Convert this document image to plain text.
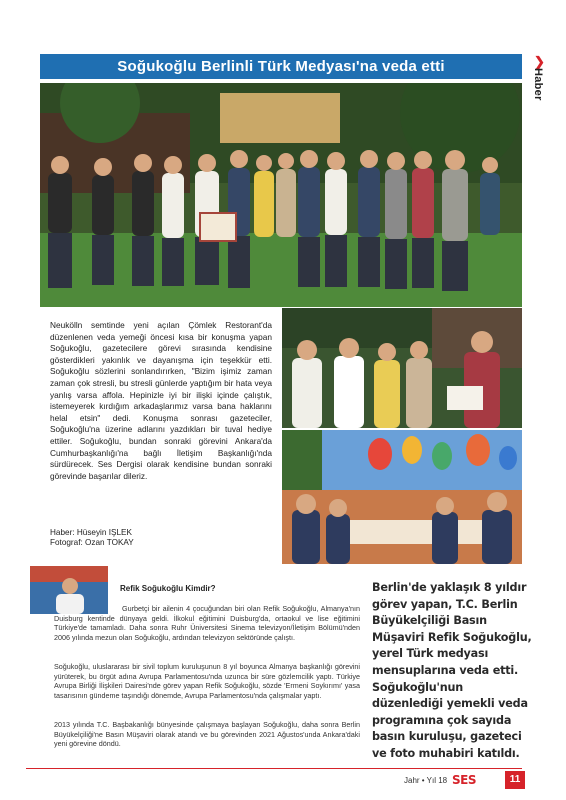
Soğukoğlu Berlinli Türk Medyası'na veda etti	❯
Haber
Neukölln semtinde yeni açılan Çömlek Restorant'da düzenlenen veda yemeği öncesi kısa bir konuşma yapan Soğukoğlu, gazetecilere görevi sırasında kendisine gösterdikleri yakınlık ve dayanışma için teşekkür etti. Soğukoğlu sözlerini sonlandırırken, "Bizim işimiz zaman zaman çok stresli, bu stresli günlerde yaptığım bir hata veya yanlış varsa affola. Hepinizle iyi bir ilişki içinde çalıştık, istemeyerek kırdığım arkadaşlarımız varsa bana haklarını helal etsin" dedi. Konuşma sonrası gazeteciler, Soğukoğlu'na üzerine adlarını yazdıkları bir tuval hediye ettiler. Soğukoğlu, bundan sonraki görevini Ankara'da Cumhurbaşkanlığı'na bağlı İletişim Başkanlığı'nda sürdürecek. Ses Dergisi olarak kendisine bundan sonraki görevinde başarılar dileriz.
Haber: Hüseyin IŞLEK
Fotograf: Ozan TOKAY
Refik Soğukoğlu Kimdir?
Gurbetçi bir ailenin 4 çocuğundan biri olan Refik Soğukoğlu, Almanya'nın Duisburg kentinde dünyaya geldi. İlkokul eğitimini Duisburg'da, ortaokul ve lise eğitimini Türkiye'de tamamladı. Daha sonra Ruhr Üniversitesi Sinema televizyon/İletişim Bölümü'nden 2006 yılında mezun olan Soğukoğlu, ardından televizyon sektöründe çalıştı.
Soğukoğlu, uluslararası bir sivil toplum kuruluşunun 8 yıl boyunca Almanya başkanlığı görevini yürüterek, bu örgüt adına Avrupa Parlamentosu'nda uzunca bir süre gözlemcilik yaptı. Türkiye Avrupa Birliği İlişkileri Dairesi'nde görev yapan Refik Soğukoğlu, sözde 'Ermeni Soykırımı' yasa tasarısının gündeme taşındığı dönemde, Avrupa Parlamentosu'nda çalışmalar yaptı.
2013 yılında T.C. Başbakanlığı bünyesinde çalışmaya başlayan Soğukoğlu, daha sonra Berlin Büyükelçiliği'ne Basın Müşaviri olarak atandı ve bu görevinden 2021 Ağustos'unda Ankara'daki yeni görevine döndü.
Berlin'de yaklaşık 8 yıldır görev yapan, T.C. Berlin Büyükelçiliği Basın Müşaviri Refik Soğukoğlu, yerel Türk medyası mensuplarına veda etti. Soğukoğlu'nun düzenlediği yemekli veda programına çok sayıda basın kuruluşu, gazeteci ve foto muhabiri katıldı.
Jahr • Yıl 18 SES	11
